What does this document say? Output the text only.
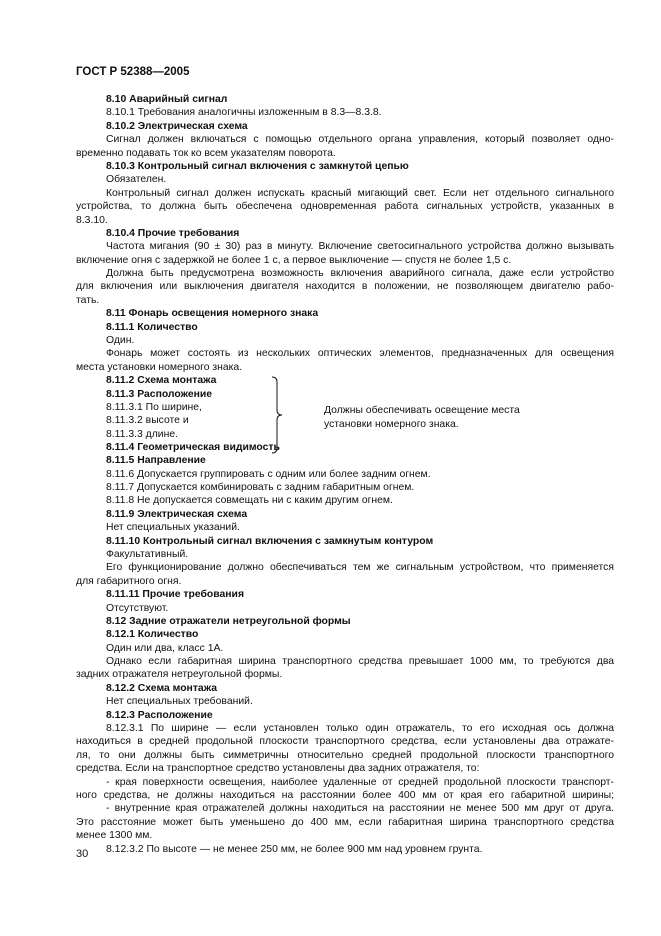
ГОСТ Р 52388—2005
8.10 Аварийный сигнал
8.10.1 Требования аналогичны изложенным в 8.3—8.3.8.
8.10.2 Электрическая схема
Сигнал должен включаться с помощью отдельного органа управления, который позволяет одно-
временно подавать ток ко всем указателям поворота.
8.10.3 Контрольный сигнал включения с замкнутой цепью
Обязателен.
Контрольный сигнал должен испускать красный мигающий свет. Если нет отдельного сигнального
устройства, то должна быть обеспечена одновременная работа сигнальных устройств, указанных в
8.3.10.
8.10.4 Прочие требования
Частота мигания (90 ± 30) раз в минуту. Включение светосигнального устройства должно вызывать
включение огня с задержкой не более 1 с, а первое выключение — спустя не более 1,5 с.
Должна быть предусмотрена возможность включения аварийного сигнала, даже если устройство
для включения или выключения двигателя находится в положении, не позволяющем двигателю рабо-
тать.
8.11 Фонарь освещения номерного знака
8.11.1 Количество
Один.
Фонарь может состоять из нескольких оптических элементов, предназначенных для освещения
места установки номерного знака.
8.11.2 Схема монтажа
8.11.3 Расположение
8.11.3.1 По ширине,
8.11.3.2 высоте и
8.11.3.3 длине.
8.11.4 Геометрическая видимость
Должны обеспечивать освещение места
установки номерного знака.
8.11.5 Направление
8.11.6 Допускается группировать с одним или более задним огнем.
8.11.7 Допускается комбинировать с задним габаритным огнем.
8.11.8 Не допускается совмещать ни с каким другим огнем.
8.11.9 Электрическая схема
Нет специальных указаний.
8.11.10 Контрольный сигнал включения с замкнутым контуром
Факультативный.
Его функционирование должно обеспечиваться тем же сигнальным устройством, что применяется
для габаритного огня.
8.11.11 Прочие требования
Отсутствуют.
8.12 Задние отражатели нетреугольной формы
8.12.1 Количество
Один или два, класс 1А.
Однако если габаритная ширина транспортного средства превышает 1000 мм, то требуются два
задних отражателя нетреугольной формы.
8.12.2 Схема монтажа
Нет специальных требований.
8.12.3 Расположение
8.12.3.1 По ширине — если установлен только один отражатель, то его исходная ось должна
находиться в средней продольной плоскости транспортного средства, если установлены два отражате-
ля, то они должны быть симметричны относительно средней продольной плоскости транспортного
средства. Если на транспортное средство установлены два задних отражателя, то:
- края поверхности освещения, наиболее удаленные от средней продольной плоскости транспорт-
ного средства, не должны находиться на расстоянии более 400 мм от края его габаритной ширины;
- внутренние края отражателей должны находиться на расстоянии не менее 500 мм друг от друга.
Это расстояние может быть уменьшено до 400 мм, если габаритная ширина транспортного средства
менее 1300 мм.
8.12.3.2 По высоте — не менее 250 мм, не более 900 мм над уровнем грунта.
30
